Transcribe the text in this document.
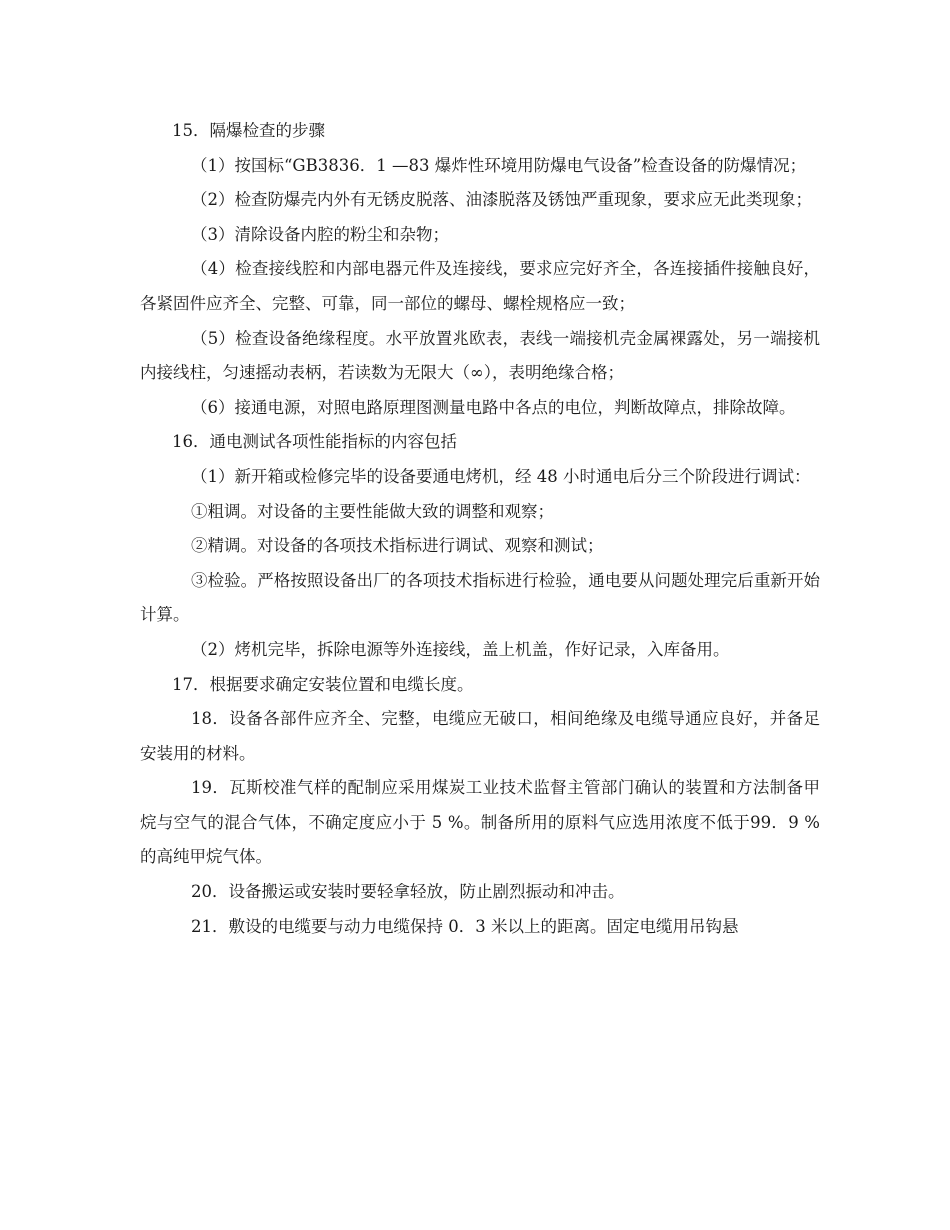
15．隔爆检查的步骤

（1）按国标“GB3836．1 —83 爆炸性环境用防爆电气设备”检查设备的防爆情况；

（2）检查防爆壳内外有无锈皮脱落、油漆脱落及锈蚀严重现象，要求应无此类现象；

（3）清除设备内腔的粉尘和杂物；

（4）检查接线腔和内部电器元件及连接线，要求应完好齐全，各连接插件接触良好，各紧固件应齐全、完整、可靠，同一部位的螺母、螺栓规格应一致；

（5）检查设备绝缘程度。水平放置兆欧表，表线一端接机壳金属裸露处，另一端接机内接线柱，匀速摇动表柄，若读数为无限大（∞），表明绝缘合格；

（6）接通电源，对照电路原理图测量电路中各点的电位，判断故障点，排除故障。

16．通电测试各项性能指标的内容包括

（1）新开箱或检修完毕的设备要通电烤机，经 48 小时通电后分三个阶段进行调试：

①粗调。对设备的主要性能做大致的调整和观察；

②精调。对设备的各项技术指标进行调试、观察和测试；

③检验。严格按照设备出厂的各项技术指标进行检验，通电要从问题处理完后重新开始计算。

（2）烤机完毕，拆除电源等外连接线，盖上机盖，作好记录，入库备用。

17．根据要求确定安装位置和电缆长度。

18．设备各部件应齐全、完整，电缆应无破口，相间绝缘及电缆导通应良好，并备足安装用的材料。

19．瓦斯校准气样的配制应采用煤炭工业技术监督主管部门确认的装置和方法制备甲烷与空气的混合气体，不确定度应小于 5 %。制备所用的原料气应选用浓度不低于99．9 %的高纯甲烷气体。

20．设备搬运或安装时要轻拿轻放，防止剧烈振动和冲击。

21．敷设的电缆要与动力电缆保持 0．3 米以上的距离。固定电缆用吊钩悬
